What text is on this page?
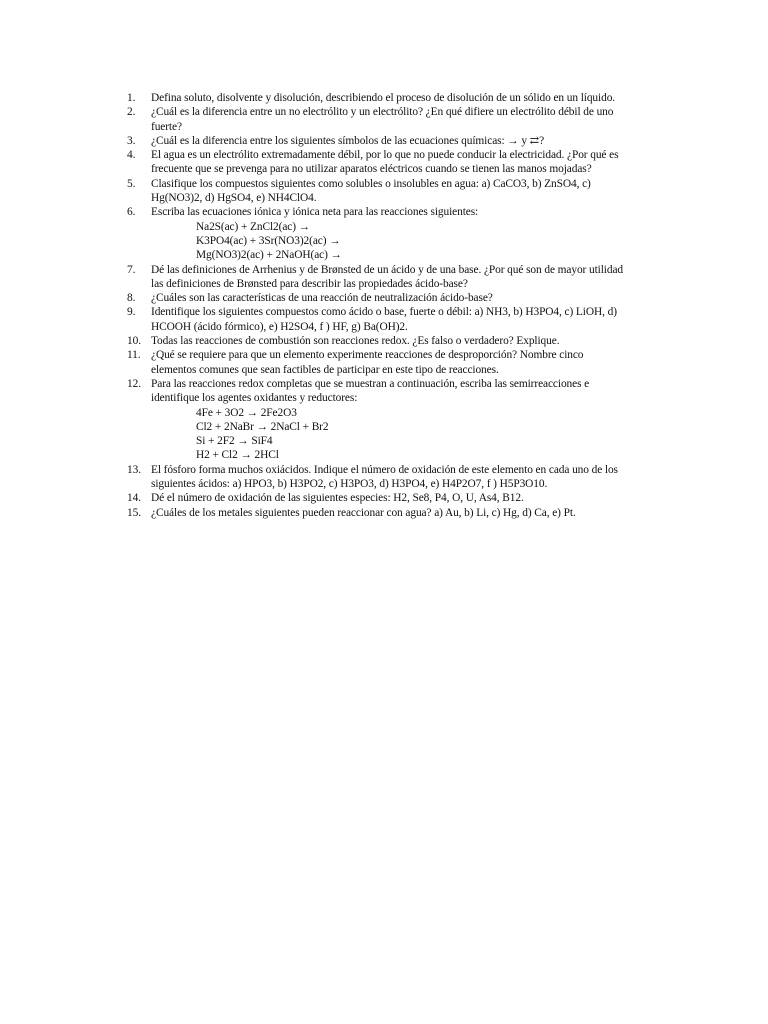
1.	Defina soluto, disolvente y disolución, describiendo el proceso de disolución de un sólido en un líquido.
2.	¿Cuál es la diferencia entre un no electrólito y un electrólito? ¿En qué difiere un electrólito débil de uno
fuerte?
3.	¿Cuál es la diferencia entre los siguientes símbolos de las ecuaciones químicas: → y ⇄?
4.	El agua es un electrólito extremadamente débil, por lo que no puede conducir la electricidad. ¿Por qué es
frecuente que se prevenga para no utilizar aparatos eléctricos cuando se tienen las manos mojadas?
5.	Clasifique los compuestos siguientes como solubles o insolubles en agua: a) CaCO3, b) ZnSO4, c)
Hg(NO3)2, d) HgSO4, e) NH4ClO4.
6.	Escriba las ecuaciones iónica y iónica neta para las reacciones siguientes:
Na2S(ac) + ZnCl2(ac) →
K3PO4(ac) + 3Sr(NO3)2(ac) →
Mg(NO3)2(ac) + 2NaOH(ac) →
7.	Dé las definiciones de Arrhenius y de Brønsted de un ácido y de una base. ¿Por qué son de mayor utilidad
las definiciones de Brønsted para describir las propiedades ácido-base?
8.	¿Cuáles son las características de una reacción de neutralización ácido-base?
9.	Identifique los siguientes compuestos como ácido o base, fuerte o débil: a) NH3, b) H3PO4, c) LiOH, d)
HCOOH (ácido fórmico), e) H2SO4, f ) HF, g) Ba(OH)2.
10. Todas las reacciones de combustión son reacciones redox. ¿Es falso o verdadero? Explique.
11. ¿Qué se requiere para que un elemento experimente reacciones de desproporción? Nombre cinco
elementos comunes que sean factibles de participar en este tipo de reacciones.
12. Para las reacciones redox completas que se muestran a continuación, escriba las semirreacciones e
identifique los agentes oxidantes y reductores:
4Fe + 3O2 → 2Fe2O3
Cl2 + 2NaBr → 2NaCl + Br2
Si + 2F2 → SiF4
H2 + Cl2 → 2HCl
13. El fósforo forma muchos oxiácidos. Indique el número de oxidación de este elemento en cada uno de los
siguientes ácidos: a) HPO3, b) H3PO2, c) H3PO3, d) H3PO4, e) H4P2O7, f ) H5P3O10.
14. Dé el número de oxidación de las siguientes especies: H2, Se8, P4, O, U, As4, B12.
15. ¿Cuáles de los metales siguientes pueden reaccionar con agua? a) Au, b) Li, c) Hg, d) Ca, e) Pt.
